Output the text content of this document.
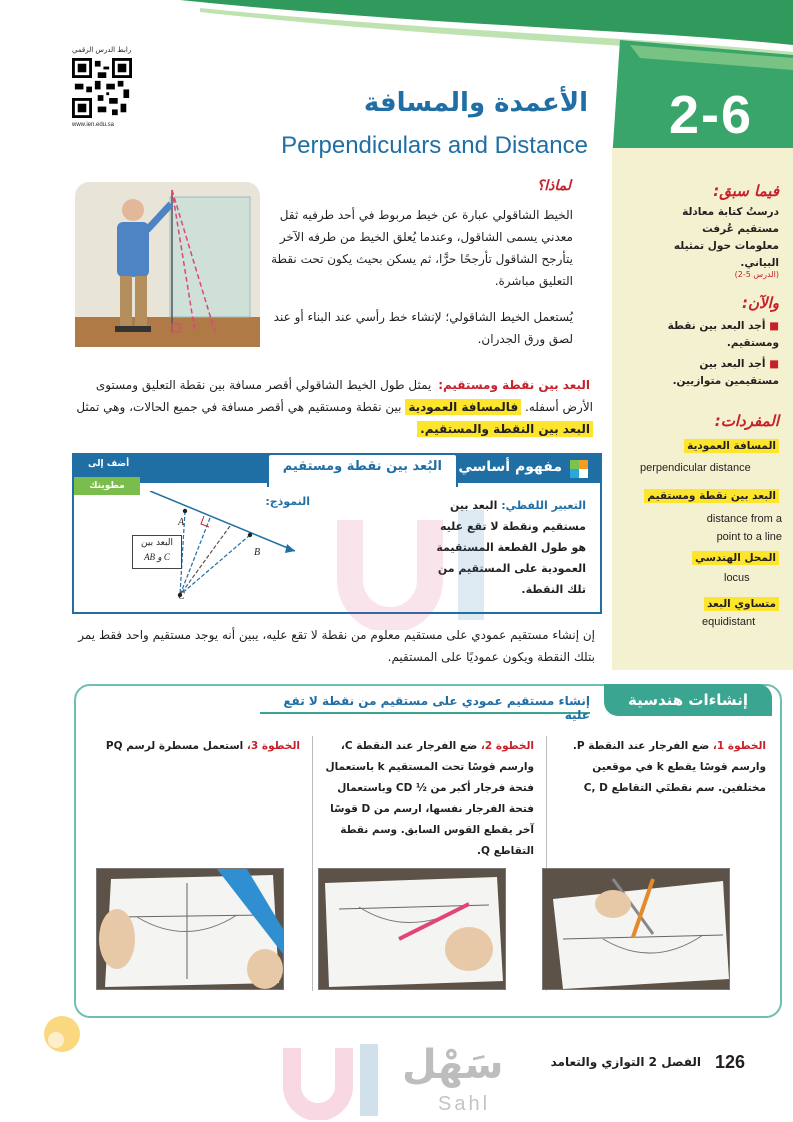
2-6
الأعمدة والمسافة
Perpendiculars and Distance
رابط الدرس الرقمي
www.ien.edu.sa
فيما سبق:
درستُ كتابة معادلة مستقيم عُرفت معلومات حول تمثيله البياني.
(الدرس 5-2)
والآن:
■ أجد البعد بين نقطة ومستقيم.
■ أجد البعد بين مستقيمين متوازيين.
المفردات:
المسافة العمودية
perpendicular distance
البعد بين نقطة ومستقيم
distance from a point to a line
المحل الهندسي
locus
متساوي البعد
equidistant
لماذا؟
الخيط الشاقولي عبارة عن خيط مربوط في أحد طرفيه ثقل معدني يسمى الشاقول، وعندما يُعلق الخيط من طرفه الآخر يتأرجح الشاقول تأرجحًا حرًّا، ثم يسكن بحيث يكون تحت نقطة التعليق مباشرة.
يُستعمل الخيط الشاقولي؛ لإنشاء خط رأسي عند البناء أو عند لصق ورق الجدران.
البعد بين نقطة ومستقيم: يمثل طول الخيط الشاقولي أقصر مسافة بين نقطة التعليق ومستوى الأرض أسفله. فالمسافة العمودية بين نقطة ومستقيم هي أقصر مسافة في جميع الحالات، وهي تمثل البعد بين النقطة والمستقيم.
مفهوم أساسي
البُعد بين نقطة ومستقيم
أضف إلى
مطويتك
التعبير اللفظي: البعد بين مستقيم ونقطة لا تقع عليه هو طول القطعة المستقيمة العمودية على المستقيم من تلك النقطة.
النموذج:
A
B
C
البعد بين
AB و C
إن إنشاء مستقيم عمودي على مستقيم معلوم من نقطة لا تقع عليه، يبين أنه يوجد مستقيم واحد فقط يمر بتلك النقطة ويكون عموديًا على المستقيم.
إنشاءات هندسية
إنشاء مستقيم عمودي على مستقيم من نقطة لا تقع عليه
الخطوة 1، ضع الفرجار عند النقطة P. وارسم قوسًا يقطع k في موقعين مختلفين. سم نقطتَي التقاطع C, D
الخطوة 2، ضع الفرجار عند النقطة C، وارسم قوسًا تحت المستقيم k باستعمال فتحة فرجار أكبر من ½ CD وباستعمال فتحة الفرجار نفسها، ارسم من D قوسًا آخر يقطع القوس السابق. وسم نقطة التقاطع Q.
الخطوة 3، استعمل مسطرة لرسم PQ
سَهْل
Sahl
الفصل 2 التوازي والتعامد 126
